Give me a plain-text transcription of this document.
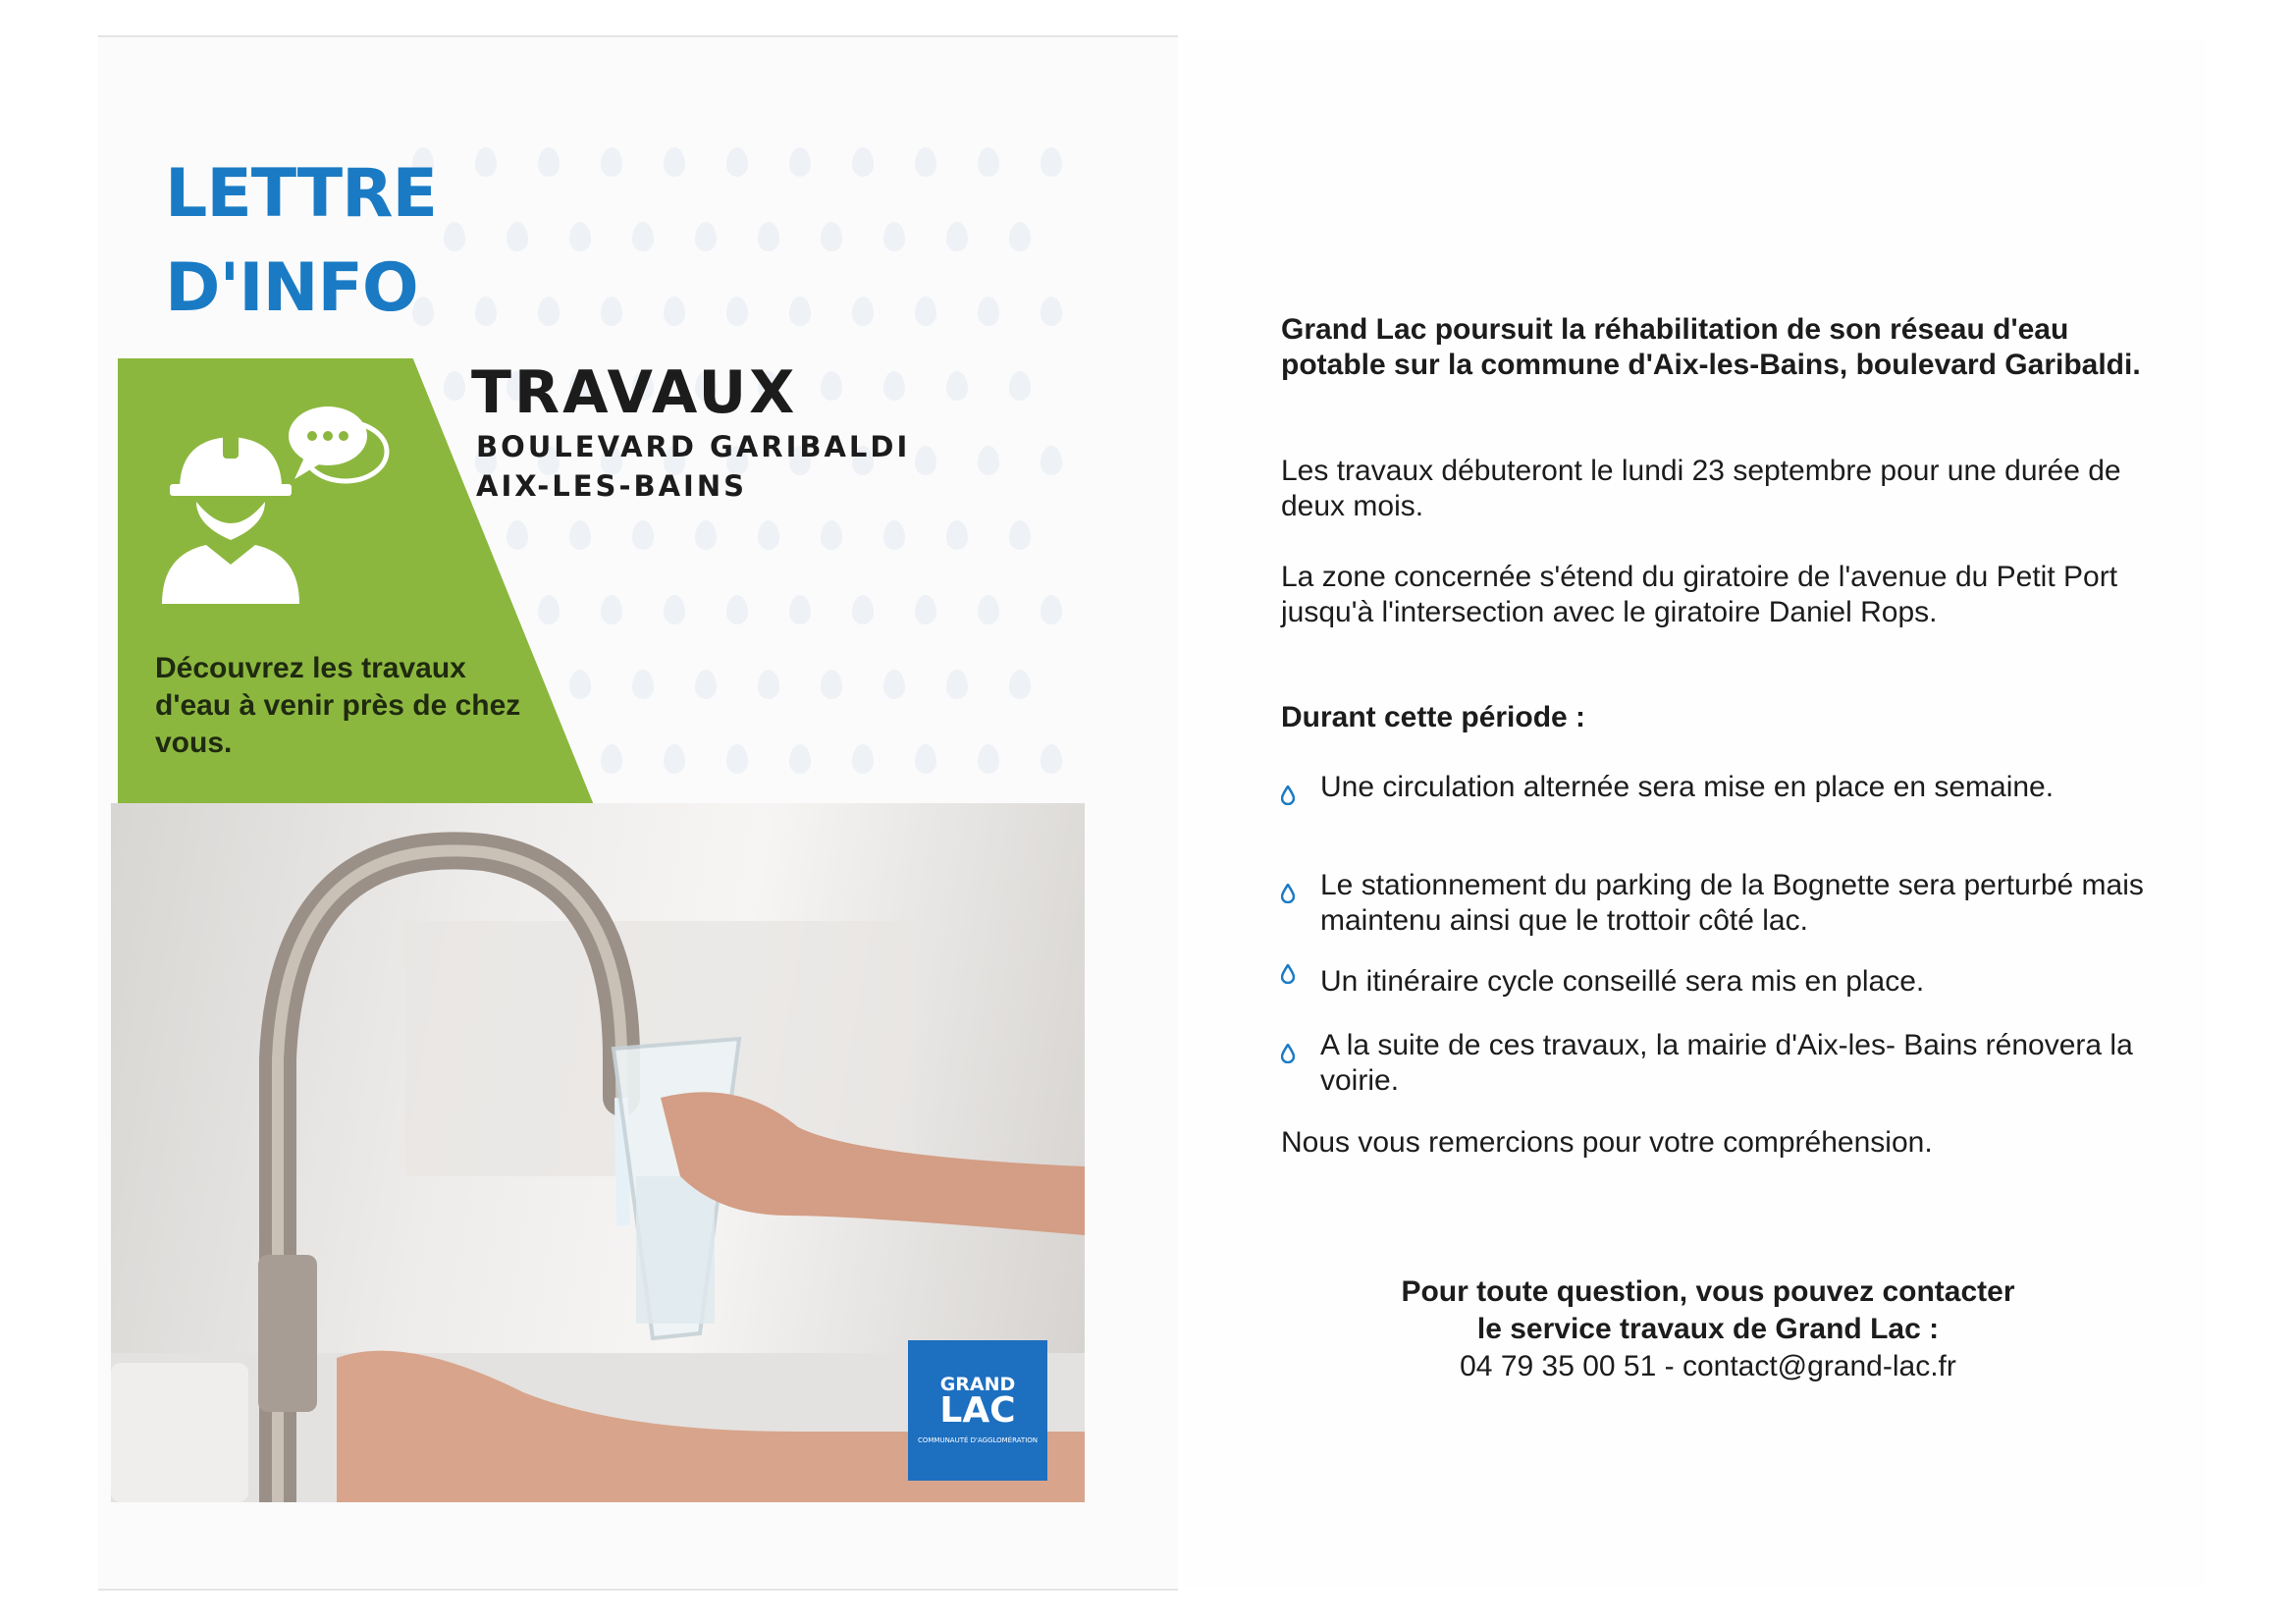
LETTRE
D'INFO
Découvrez les travaux d'eau à venir près de chez vous.
TRAVAUX
BOULEVARD GARIBALDI
AIX-LES-BAINS
GRAND
LAC
COMMUNAUTÉ D'AGGLOMÉRATION
Grand Lac poursuit la réhabilitation de son réseau d'eau potable sur la commune d'Aix-les-Bains, boulevard Garibaldi.
Les travaux débuteront le lundi 23 septembre pour une durée de deux mois.
La zone concernée s'étend du giratoire de l'avenue du Petit Port jusqu'à l'intersection avec le giratoire Daniel Rops.
Durant cette période :
Une circulation alternée sera mise en place en semaine.
Le stationnement du parking de la Bognette sera perturbé mais maintenu ainsi que le trottoir côté lac.
Un itinéraire cycle conseillé sera mis en place.
A la suite de ces travaux, la mairie d'Aix-les- Bains rénovera la voirie.
Nous vous remercions pour votre compréhension.
Pour toute question, vous pouvez contacter
le service travaux de Grand Lac :
04 79 35 00 51 - contact@grand-lac.fr
